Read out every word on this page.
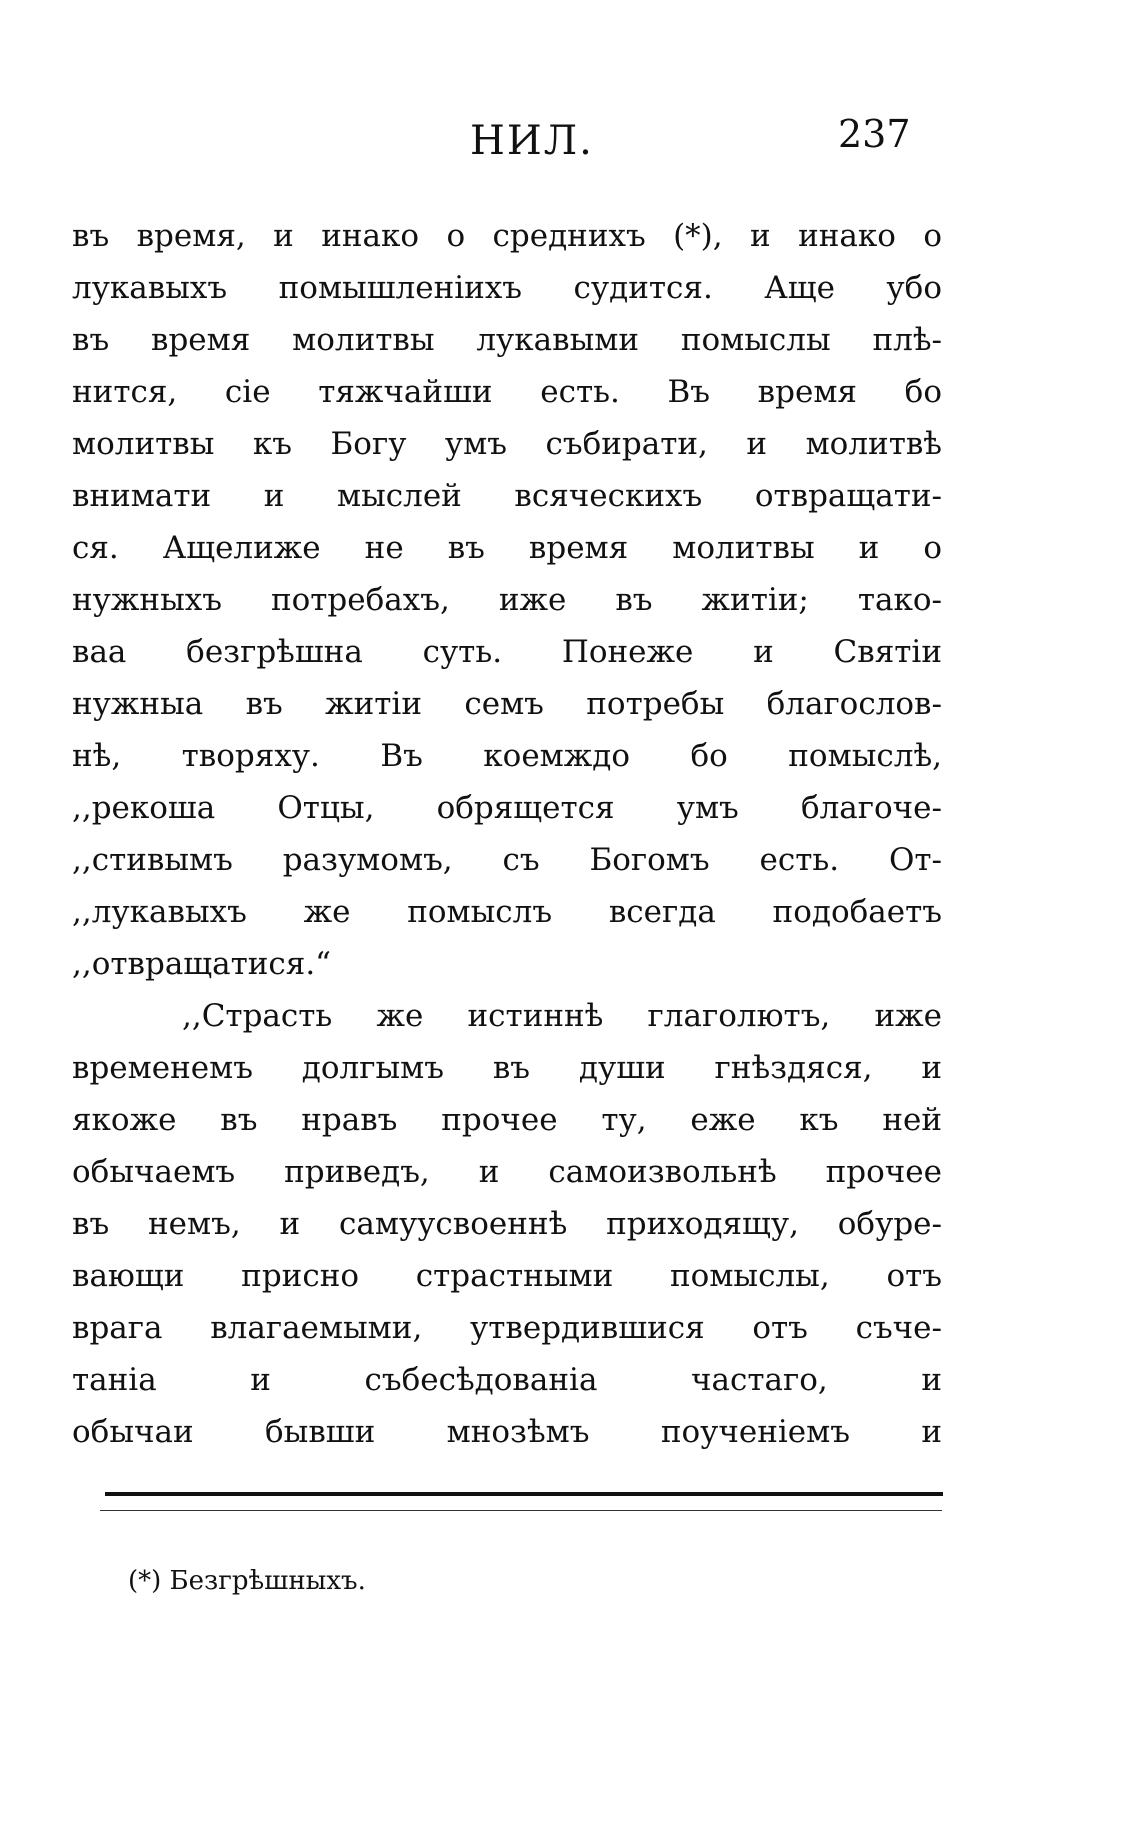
НИЛ.	237
въ время, и инако о среднихъ (*), и инако о
лукавыхъ помышленiихъ судится. Аще убо
въ время молитвы лукавыми помыслы плѣ-
нится, сiе тяжчайши есть. Въ время бо
молитвы къ Богу умъ събирати, и молитвѣ
внимати и мыслей всяческихъ отвращати-
ся. Ащелиже не въ время молитвы и о
нужныхъ потребахъ, иже въ житiи; тако-
ваа безгрѣшна суть. Понеже и Святiи
нужныа въ житiи семъ потребы благослов-
нѣ, творяху. Въ коемждо бо помыслѣ,
,,рекоша Отцы, обрящется умъ благоче-
,,стивымъ разумомъ, съ Богомъ есть. От-
,,лукавыхъ же помыслъ всегда подобаетъ
,,отвращатися.“
,,Страсть же истиннѣ глаголютъ, иже
временемъ долгымъ въ души гнѣздяся, и
якоже въ нравъ прочее ту, еже къ ней
обычаемъ приведъ, и самоизвольнѣ прочее
въ немъ, и самуусвоеннѣ приходящу, обуре-
вающи присно страстными помыслы, отъ
врага влагаемыми, утвердившися отъ съче-
танiа и събесѣдованiа частаго, и
обычаи бывши мнозѣмъ поученiемъ и
(*) Безгрѣшныхъ.
